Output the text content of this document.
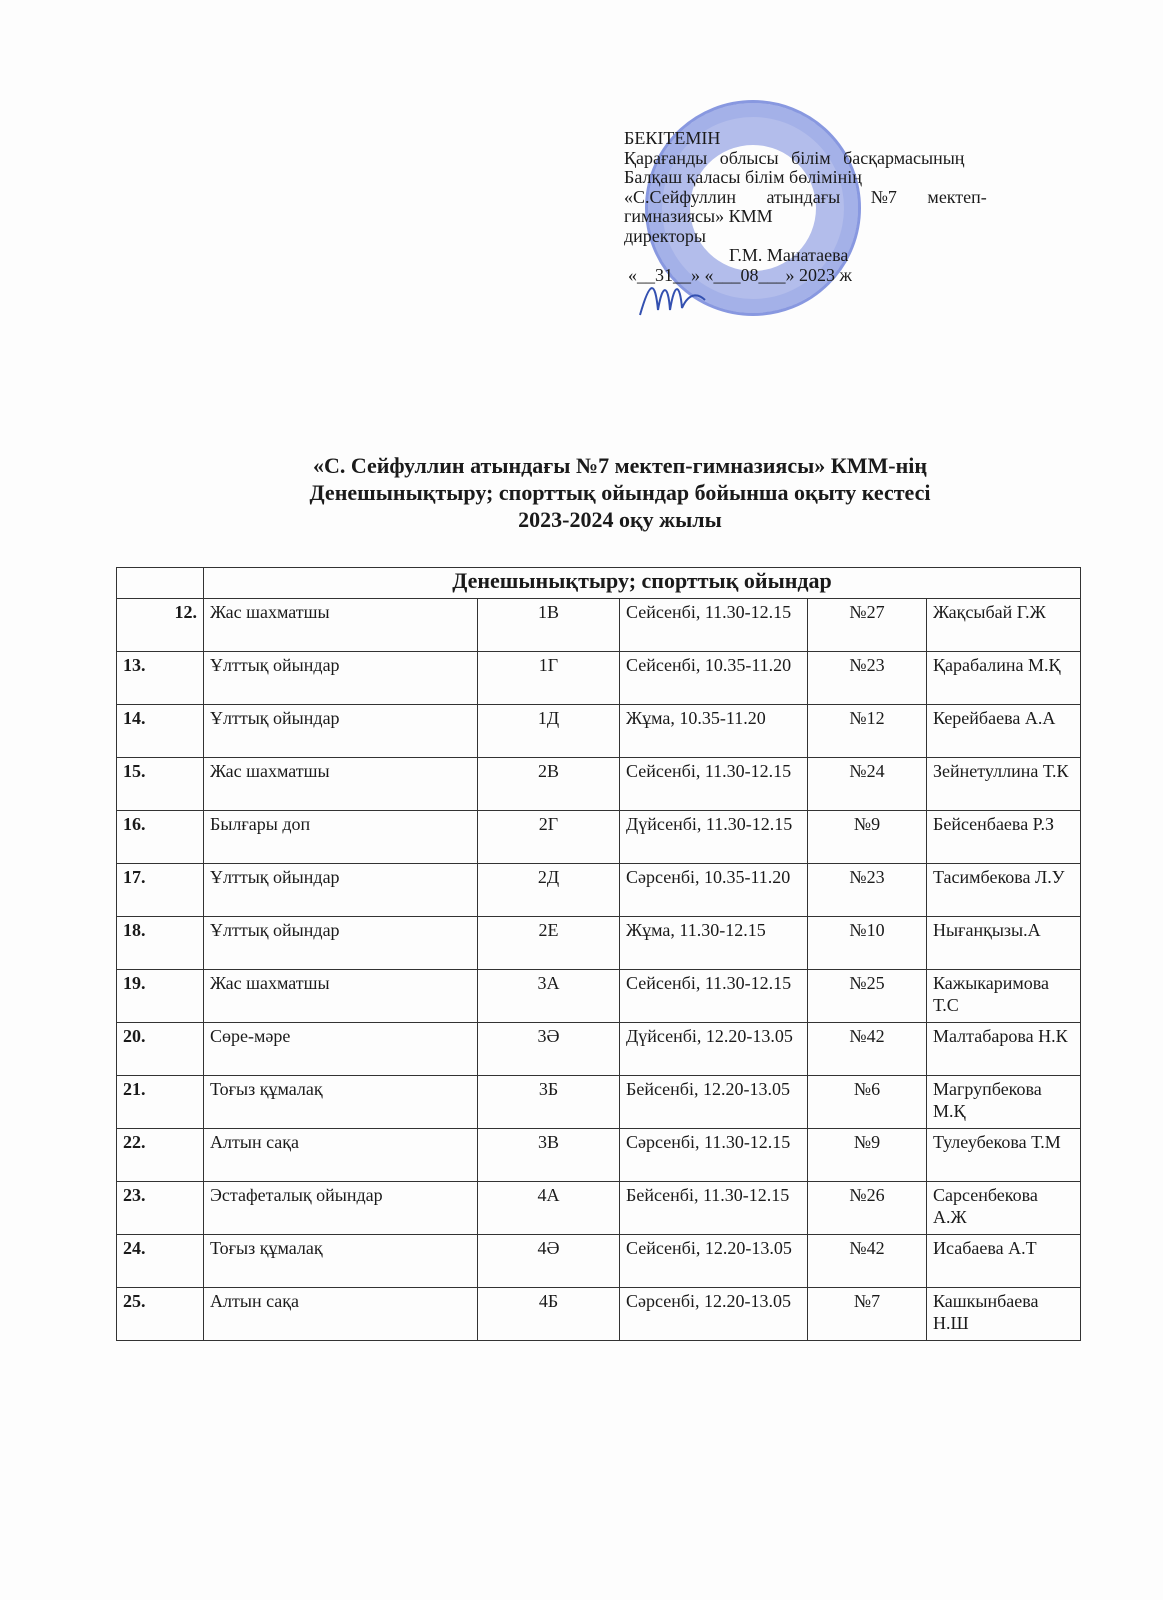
БЕКІТЕМІН
Қарағанды облысы білім басқармасының
Балқаш қаласы білім бөлімінің
«С.Сейфуллин атындағы №7 мектеп-
гимназиясы» КММ
директоры
Г.М. Манатаева
«__31__» «___08___» 2023 ж
«С. Сейфуллин атындағы №7 мектеп-гимназиясы» КММ-нің
Денешынықтыру; спорттық ойындар бойынша оқыту кестесі
2023-2024 оқу жылы
	Денешынықтыру; спорттық ойындар				
12.	Жас шахматшы	1В	Сейсенбі, 11.30-12.15	№27	Жақсыбай Г.Ж
13.	Ұлттық ойындар	1Г	Сейсенбі, 10.35-11.20	№23	Қарабалина М.Қ
14.	Ұлттық ойындар	1Д	Жұма, 10.35-11.20	№12	Керейбаева А.А
15.	Жас шахматшы	2В	Сейсенбі, 11.30-12.15	№24	Зейнетуллина Т.К
16.	Былғары доп	2Г	Дүйсенбі, 11.30-12.15	№9	Бейсенбаева Р.З
17.	Ұлттық ойындар	2Д	Сәрсенбі, 10.35-11.20	№23	Тасимбекова Л.У
18.	Ұлттық ойындар	2Е	Жұма, 11.30-12.15	№10	Нығанқызы.А
19.	Жас шахматшы	3А	Сейсенбі, 11.30-12.15	№25	Кажыкаримова Т.С
20.	Сөре-мәре	3Ә	Дүйсенбі, 12.20-13.05	№42	Малтабарова Н.К
21.	Тоғыз құмалақ	3Б	Бейсенбі, 12.20-13.05	№6	Магрупбекова М.Қ
22.	Алтын сақа	3В	Сәрсенбі, 11.30-12.15	№9	Тулеубекова Т.М
23.	Эстафеталық ойындар	4А	Бейсенбі, 11.30-12.15	№26	Сарсенбекова А.Ж
24.	Тоғыз құмалақ	4Ә	Сейсенбі, 12.20-13.05	№42	Исабаева А.Т
25.	Алтын сақа	4Б	Сәрсенбі, 12.20-13.05	№7	Кашкынбаева Н.Ш
